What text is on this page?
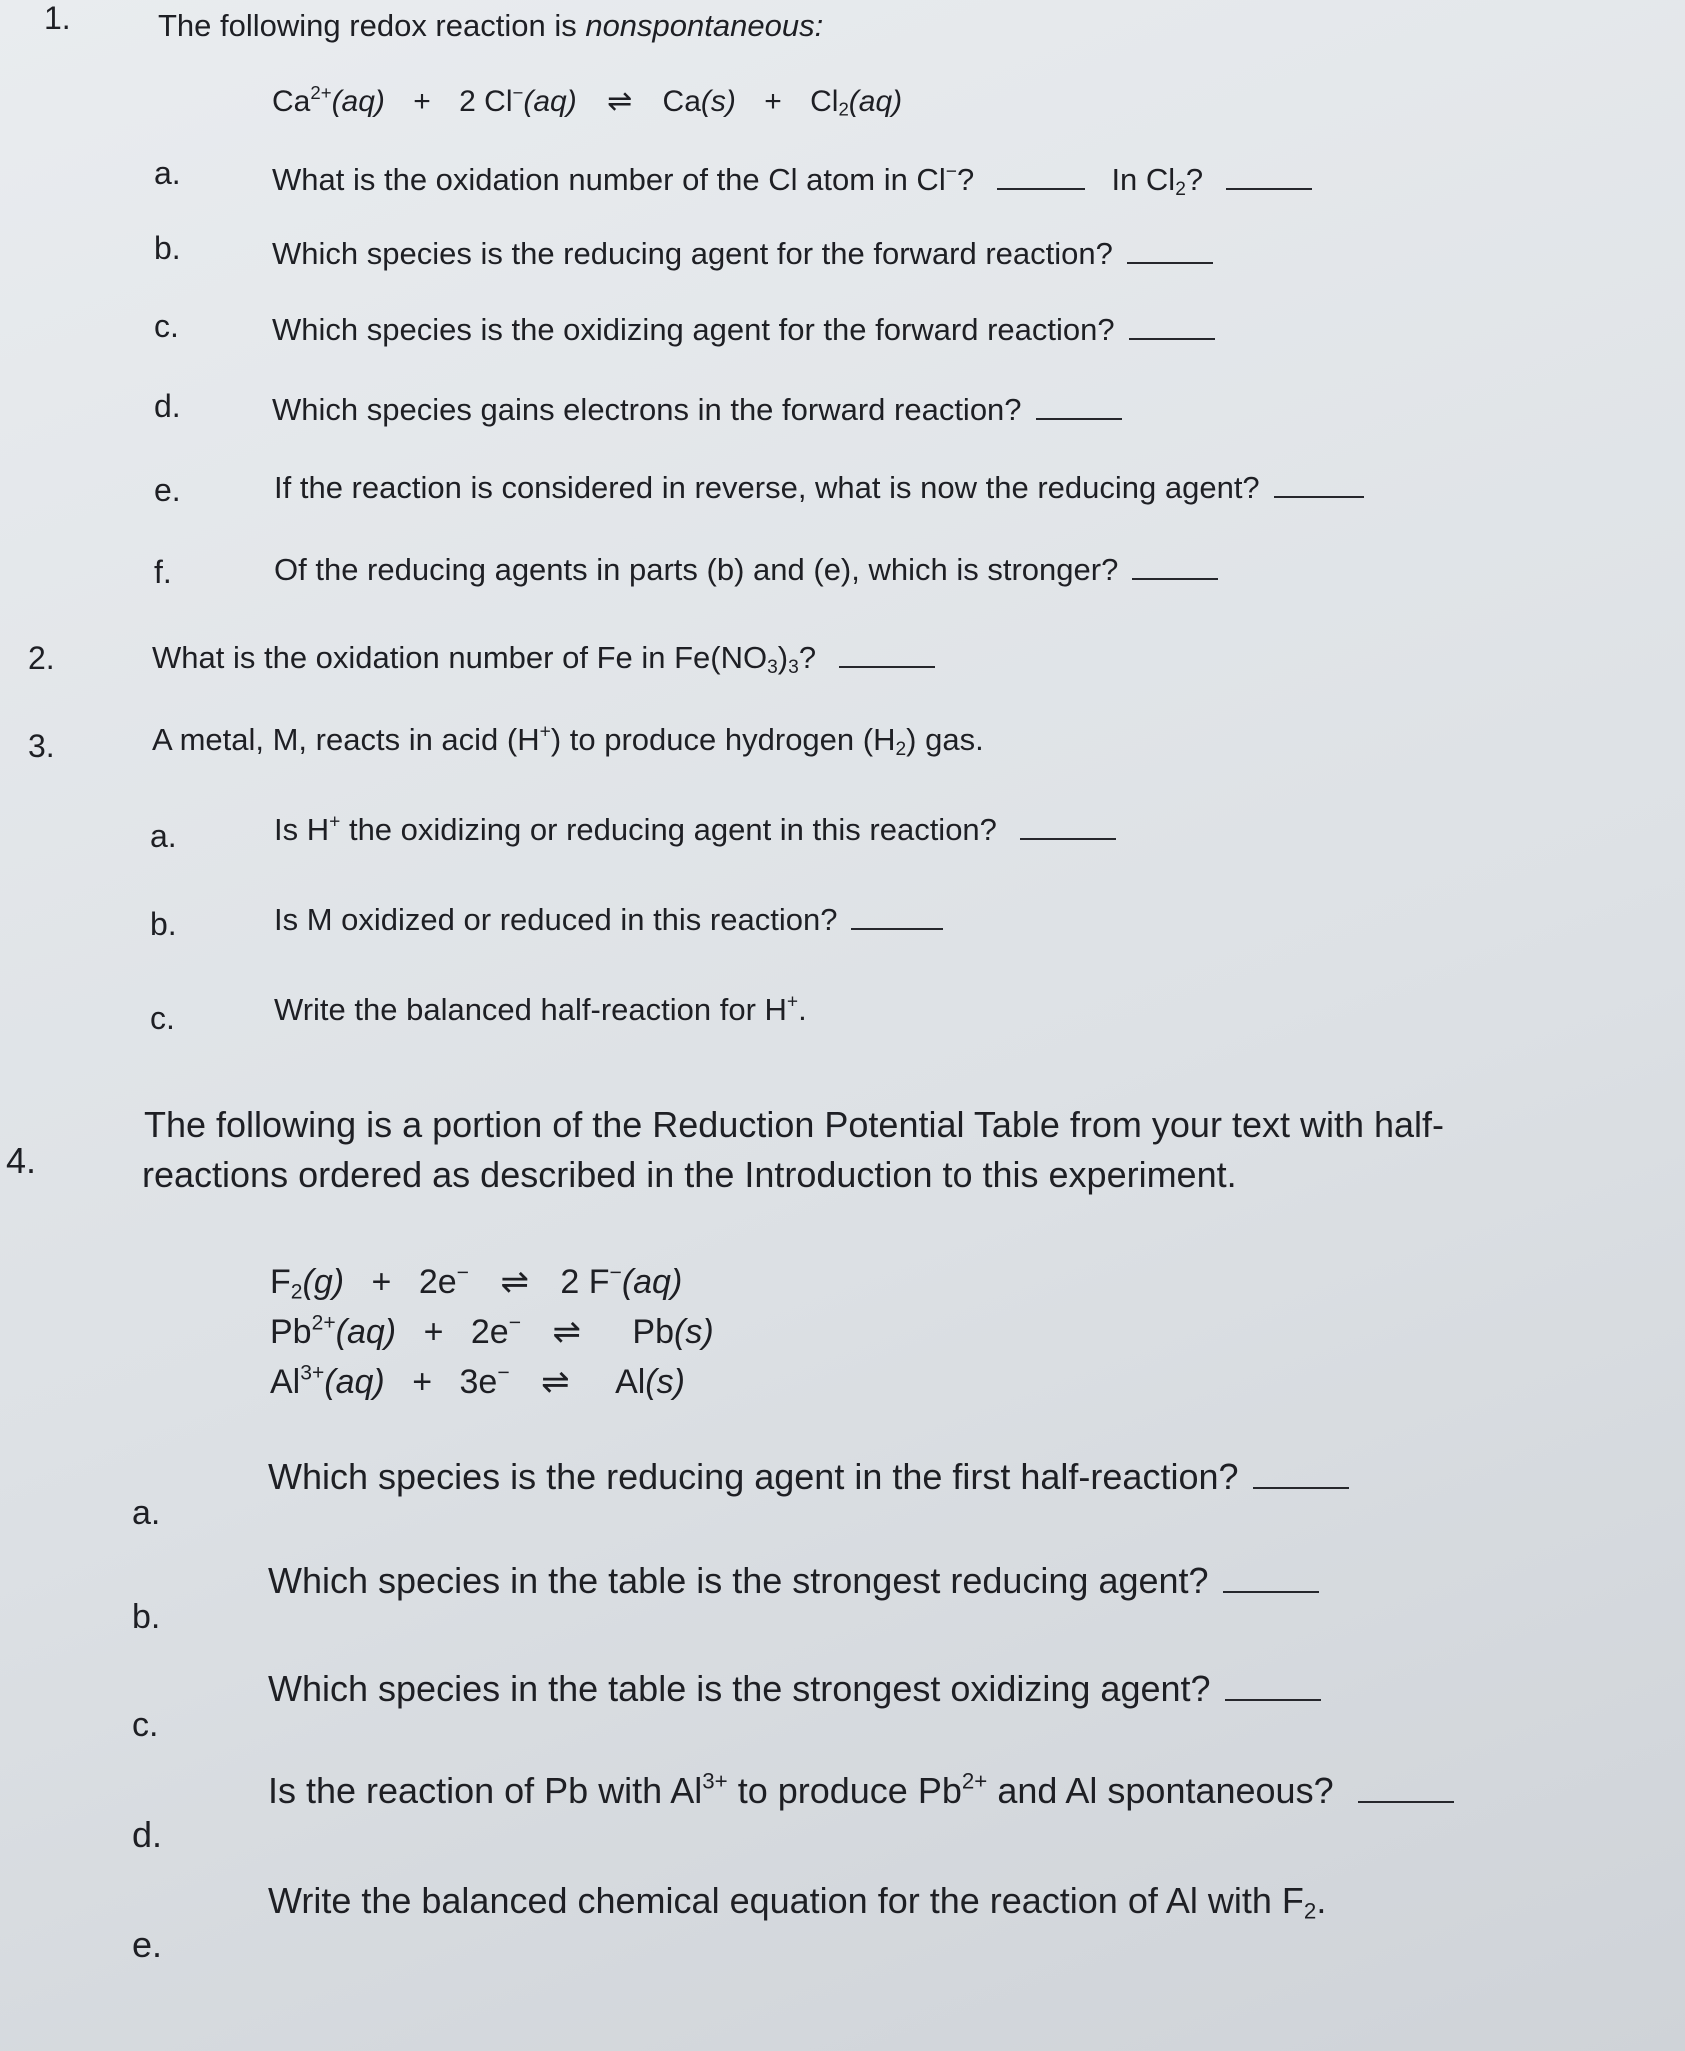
1.	The following redox reaction is nonspontaneous:
$Ca^{2+}(aq) + 2$ Cl−(aq) ⇌ $Ca(s) + Cl_2(aq)$
a.	What is the oxidation number of the Cl atom in Cl−?	In $Cl_2$?
b.	Which species is the reducing agent for the forward reaction?
c.	Which species is the oxidizing agent for the forward reaction?
d.	Which species gains electrons in the forward reaction?
e.	If the reaction is considered in reverse, what is now the reducing agent?
f.	Of the reducing agents in parts (b) and (e), which is stronger?
2.	What is the oxidation number of Fe in $Fe(NO_3)_3$?
3.	A metal, M, reacts in acid (H+) to produce hydrogen $(H_2)$ gas.
a.	Is H+ the oxidizing or reducing agent in this reaction?
b.	Is M oxidized or reduced in this reaction?
c.	Write the balanced half-reaction for H+.
4.
The following is a portion of the Reduction Potential Table from your text with half-
reactions ordered as described in the Introduction to this experiment.
$F_2(g) + 2e^-$ ⇌ 2 F−(aq)
$Pb^{2+}(aq) + 2e^-$ ⇌ Pb(s)
$Al^{3+}(aq) + 3e^-$ ⇌ Al(s)
a.
Which species is the reducing agent in the first half-reaction?
b.
Which species in the table is the strongest reducing agent?
c.
Which species in the table is the strongest oxidizing agent?
d.
Is the reaction of Pb with $Al^{3+}$ to produce $Pb^{2+}$ and Al spontaneous?
e.
Write the balanced chemical equation for the reaction of Al with $F_2$.
